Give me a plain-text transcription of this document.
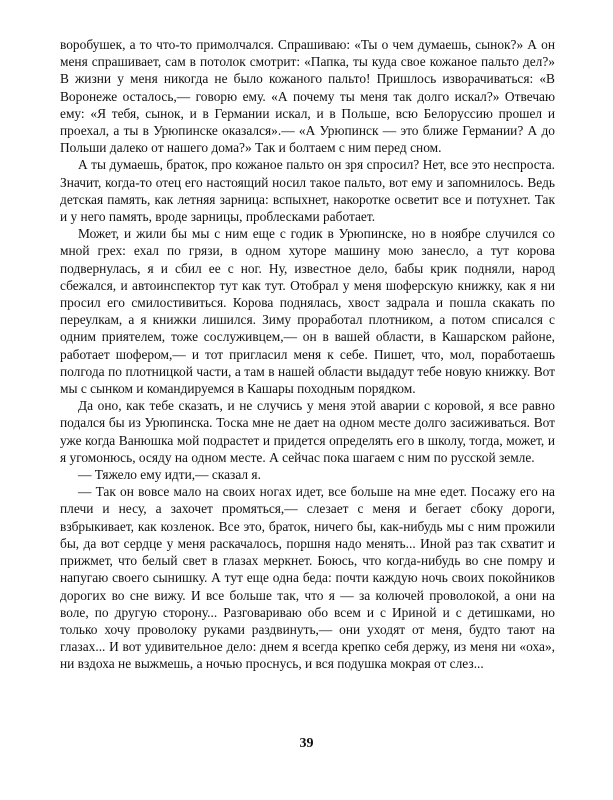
воробушек, а то что-то примолчался. Спрашиваю: «Ты о чем думаешь, сынок?» А он меня спрашивает, сам в потолок смотрит: «Папка, ты куда свое кожаное пальто дел?» В жизни у меня никогда не было кожаного пальто! Пришлось изворачиваться: «В Воронеже осталось,— говорю ему. «А почему ты меня так долго искал?» Отвечаю ему: «Я тебя, сынок, и в Германии искал, и в Польше, всю Белоруссию прошел и проехал, а ты в Урюпинске оказался».— «А Урюпинск — это ближе Германии? А до Польши далеко от нашего дома?» Так и болтаем с ним перед сном.

А ты думаешь, браток, про кожаное пальто он зря спросил? Нет, все это неспроста. Значит, когда-то отец его настоящий носил такое пальто, вот ему и запомнилось. Ведь детская память, как летняя зарница: вспыхнет, накоротке осветит все и потухнет. Так и у него память, вроде зарницы, проблесками работает.

Может, и жили бы мы с ним еще с годик в Урюпинске, но в ноябре случился со мной грех: ехал по грязи, в одном хуторе машину мою занесло, а тут корова подвернулась, я и сбил ее с ног. Ну, известное дело, бабы крик подняли, народ сбежался, и автоинспектор тут как тут. Отобрал у меня шоферскую книжку, как я ни просил его смилостивиться. Корова поднялась, хвост задрала и пошла скакать по переулкам, а я книжки лишился. Зиму проработал плотником, а потом списался с одним приятелем, тоже сослуживцем,— он в вашей области, в Кашарском районе, работает шофером,— и тот пригласил меня к себе. Пишет, что, мол, поработаешь полгода по плотницкой части, а там в нашей области выдадут тебе новую книжку. Вот мы с сынком и командируемся в Кашары походным порядком.

Да оно, как тебе сказать, и не случись у меня этой аварии с коровой, я все равно подался бы из Урюпинска. Тоска мне не дает на одном месте долго засиживаться. Вот уже когда Ванюшка мой подрастет и придется определять его в школу, тогда, может, и я угомонюсь, осяду на одном месте. А сейчас пока шагаем с ним по русской земле.

— Тяжело ему идти,— сказал я.

— Так он вовсе мало на своих ногах идет, все больше на мне едет. Посажу его на плечи и несу, а захочет промяться,— слезает с меня и бегает сбоку дороги, взбрыкивает, как козленок. Все это, браток, ничего бы, как-нибудь мы с ним прожили бы, да вот сердце у меня раскачалось, поршня надо менять... Иной раз так схватит и прижмет, что белый свет в глазах меркнет. Боюсь, что когда-нибудь во сне помру и напугаю своего сынишку. А тут еще одна беда: почти каждую ночь своих покойников дорогих во сне вижу. И все больше так, что я — за колючей проволокой, а они на воле, по другую сторону... Разговариваю обо всем и с Ириной и с детишками, но только хочу проволоку руками раздвинуть,— они уходят от меня, будто тают на глазах... И вот удивительное дело: днем я всегда крепко себя держу, из меня ни «оха», ни вздоха не выжмешь, а ночью проснусь, и вся подушка мокрая от слез...

39
